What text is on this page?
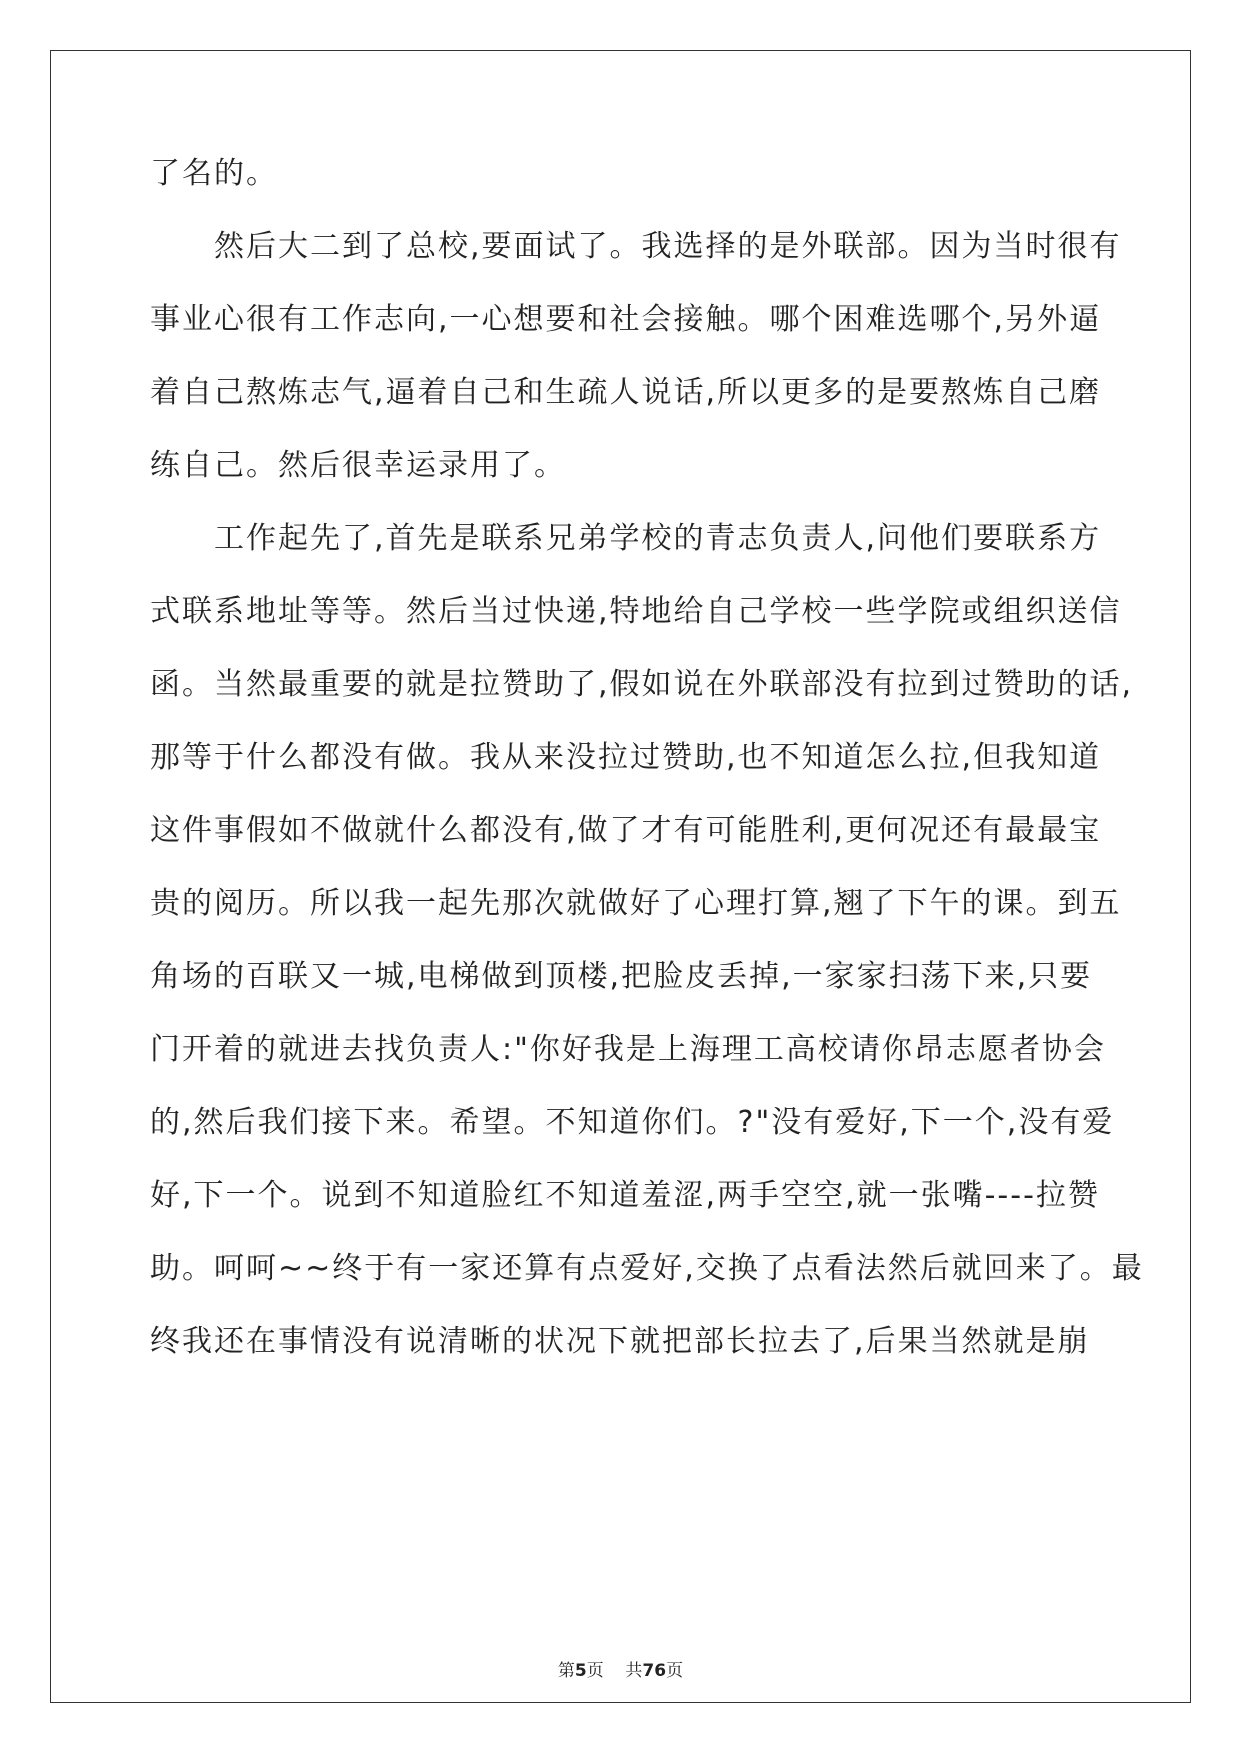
了名的。
然后大二到了总校,要面试了。我选择的是外联部。因为当时很有
事业心很有工作志向,一心想要和社会接触。哪个困难选哪个,另外逼
着自己熬炼志气,逼着自己和生疏人说话,所以更多的是要熬炼自己磨
练自己。然后很幸运录用了。
工作起先了,首先是联系兄弟学校的青志负责人,问他们要联系方
式联系地址等等。然后当过快递,特地给自己学校一些学院或组织送信
函。当然最重要的就是拉赞助了,假如说在外联部没有拉到过赞助的话,
那等于什么都没有做。我从来没拉过赞助,也不知道怎么拉,但我知道
这件事假如不做就什么都没有,做了才有可能胜利,更何况还有最最宝
贵的阅历。所以我一起先那次就做好了心理打算,翘了下午的课。到五
角场的百联又一城,电梯做到顶楼,把脸皮丢掉,一家家扫荡下来,只要
门开着的就进去找负责人:"你好我是上海理工高校请你昂志愿者协会
的,然后我们接下来。希望。不知道你们。?"没有爱好,下一个,没有爱
好,下一个。说到不知道脸红不知道羞涩,两手空空,就一张嘴----拉赞
助。呵呵~~终于有一家还算有点爱好,交换了点看法然后就回来了。最
终我还在事情没有说清晰的状况下就把部长拉去了,后果当然就是崩
第5页 共76页
